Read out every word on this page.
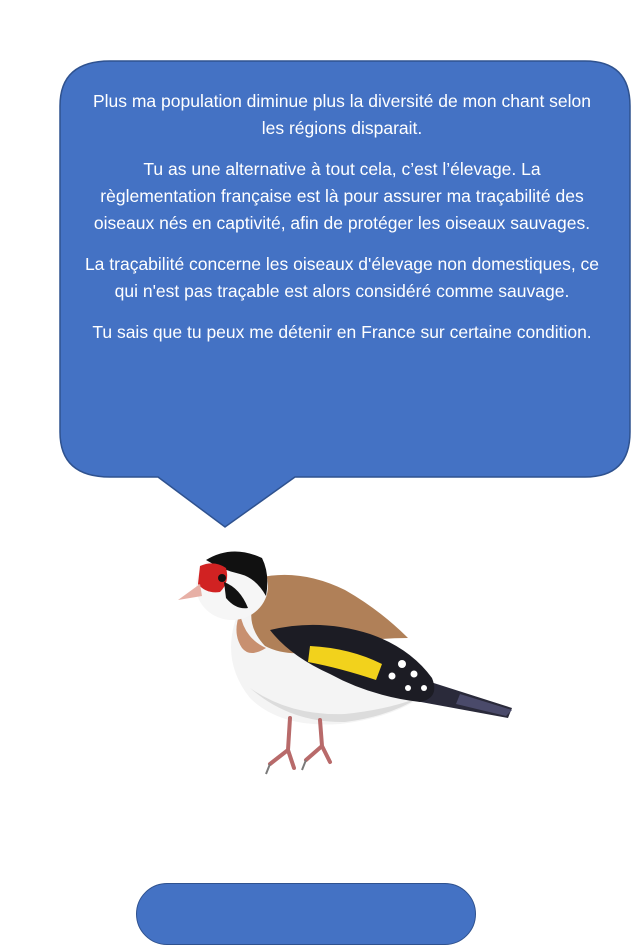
Plus ma population diminue plus la diversité de mon chant selon les régions disparait.

Tu as une alternative à tout cela, c’est l’élevage. La règlementation française est là pour assurer ma traçabilité des oiseaux nés en captivité, afin de protéger les oiseaux sauvages.

La traçabilité concerne les oiseaux d'élevage non domestiques, ce qui n'est pas traçable est alors considéré comme sauvage.

Tu sais que tu peux me détenir en France sur certaine condition.
